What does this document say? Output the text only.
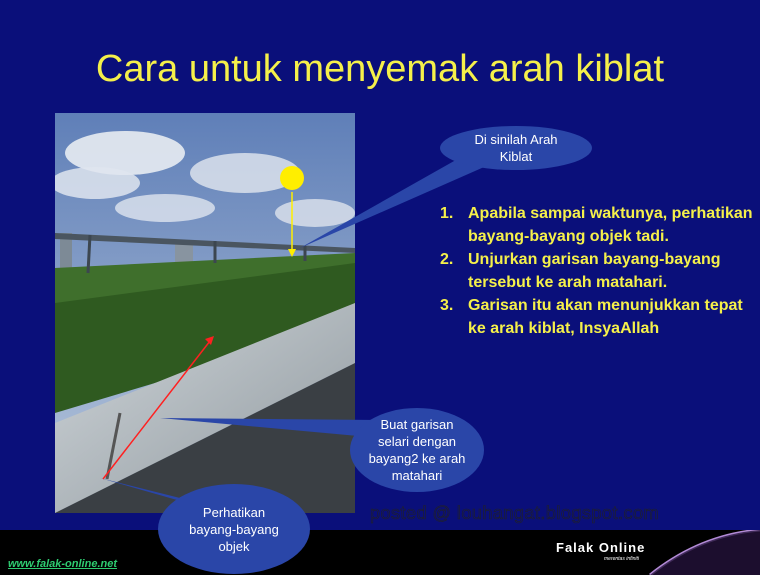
Cara untuk menyemak arah kiblat
Di sinilah Arah Kiblat
1. Apabila sampai waktunya, perhatikan bayang-bayang objek tadi.
2. Unjurkan garisan bayang-bayang tersebut ke arah matahari.
3. Garisan itu akan menunjukkan tepat ke arah kiblat, InsyaAllah
Buat garisan selari dengan bayang2 ke arah matahari
www.falak-online.net
Falak Online
merentas infiniti
posted @ louhangat.blogspot.com
Perhatikan bayang-bayang objek
